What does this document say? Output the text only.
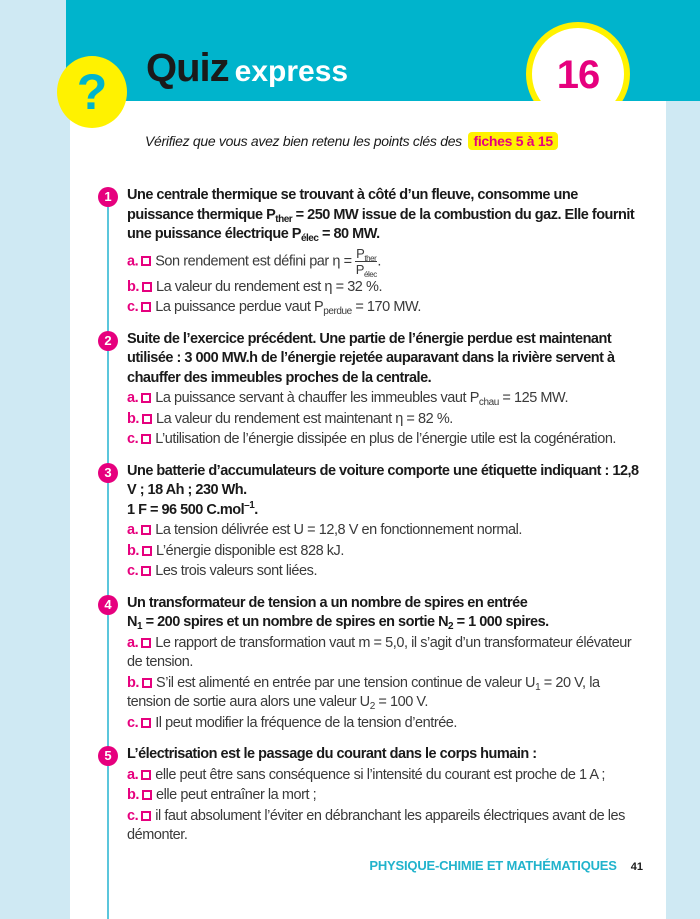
? Quiz express	16
Vérifiez que vous avez bien retenu les points clés des fiches 5 à 15
1	Une centrale thermique se trouvant à côté d’un fleuve, consomme une puissance thermique $P_{ther} = 250$ MW issue de la combustion du gaz. Elle fournit une puissance électrique $P_{élec} = 80$ MW.
a. Son rendement est défini par $\eta = \frac{P_{ther}}{P_{élec}}$ .
b. La valeur du rendement est η = 32 %.
c. La puissance perdue vaut $P_{perdue} = 170$ MW.
2	Suite de l’exercice précédent. Une partie de l’énergie perdue est maintenant utilisée : 3 000 MW.h de l’énergie rejetée auparavant dans la rivière servent à chauffer des immeubles proches de la centrale.
a. La puissance servant à chauffer les immeubles vaut $P_{chau} = 125$ MW.
b. La valeur du rendement est maintenant η = 82 %.
c. L’utilisation de l’énergie dissipée en plus de l’énergie utile est la cogénération.
3	Une batterie d’accumulateurs de voiture comporte une étiquette indiquant : 12,8 V ; 18 Ah ; 230 Wh.
1 F = 96 500 C.mol$^{-1}$.
a. La tension délivrée est U = 12,8 V en fonctionnement normal.
b. L’énergie disponible est 828 kJ.
c. Les trois valeurs sont liées.
4	Un transformateur de tension a un nombre de spires en entrée
$N_1 = 200$ spires et un nombre de spires en sortie $N_2 = 1$ 000 spires.
a. Le rapport de transformation vaut m = 5,0, il s’agit d’un transformateur élévateur de tension.
b. S’il est alimenté en entrée par une tension continue de valeur $U_1 = 20$ V, la tension de sortie aura alors une valeur $U_2 = 100$ V.
c. Il peut modifier la fréquence de la tension d’entrée.
5	L’électrisation est le passage du courant dans le corps humain :
a. elle peut être sans conséquence si l’intensité du courant est proche de 1 A ;
b. elle peut entraîner la mort ;
c. il faut absolument l’éviter en débranchant les appareils électriques avant de les démonter.
PHYSIQUE-CHIMIE ET MATHÉMATIQUES 41
